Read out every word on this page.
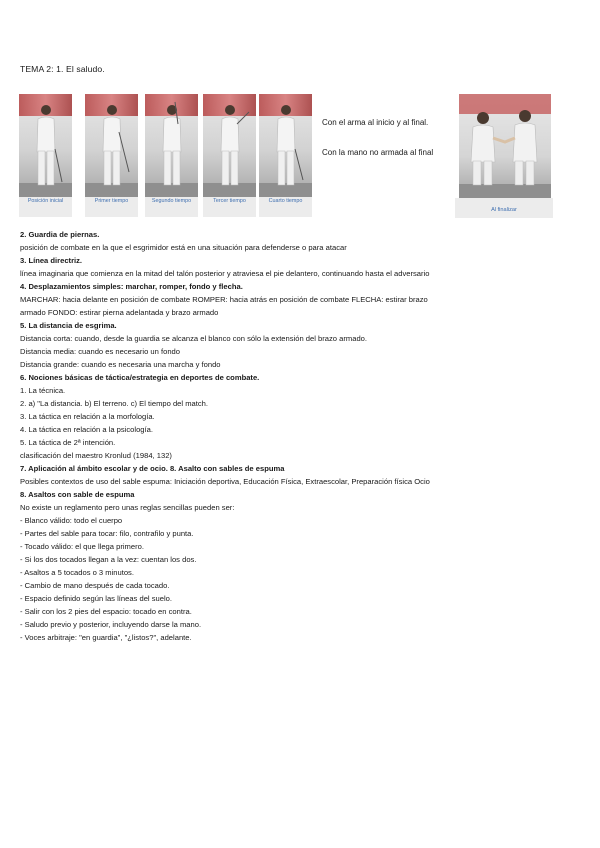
TEMA 2: 1. El saludo.
Posición inicial	Primer tiempo	Segundo tiempo	Tercer tiempo	Cuarto tiempo
Con el arma al inicio y al final.
Con la mano no armada al final
Al finalizar
2. Guardia de piernas.
posición de combate en la que el esgrimidor está en una situación para defenderse o para atacar
3. Línea directriz.
línea imaginaria que comienza en la mitad del talón posterior y atraviesa el pie delantero, continuando hasta el adversario
4. Desplazamientos simples: marchar, romper, fondo y flecha.
MARCHAR: hacia delante en posición de combate ROMPER: hacia atrás en posición de combate FLECHA: estirar brazo
armado FONDO: estirar pierna adelantada y brazo armado
5. La distancia de esgrima.
Distancia corta: cuando, desde la guardia se alcanza el blanco con sólo la extensión del brazo armado.
Distancia media: cuando es necesario un fondo
Distancia grande: cuando es necesaria una marcha y fondo
6. Nociones básicas de táctica/estrategia en deportes de combate.
1. La técnica.
2. a) "La distancia. b) El terreno. c) El tiempo del match.
3. La táctica en relación a la morfología.
4. La táctica en relación a la psicología.
5. La táctica de 2ª intención.
clasificación del maestro Kronlud (1984, 132)
7. Aplicación al ámbito escolar y de ocio. 8. Asalto con sables de espuma
Posibles contextos de uso del sable espuma: Iniciación deportiva, Educación Física, Extraescolar, Preparación física Ocio
8. Asaltos con sable de espuma
No existe un reglamento pero unas reglas sencillas pueden ser:
- Blanco válido: todo el cuerpo
- Partes del sable para tocar: filo, contrafilo y punta.
- Tocado válido: el que llega primero.
- Si los dos tocados llegan a la vez: cuentan los dos.
- Asaltos a 5 tocados o 3 minutos.
- Cambio de mano después de cada tocado.
- Espacio definido según las líneas del suelo.
- Salir con los 2 pies del espacio: tocado en contra.
- Saludo previo y posterior, incluyendo darse la mano.
- Voces arbitraje: "en guardia", "¿listos?", adelante.
